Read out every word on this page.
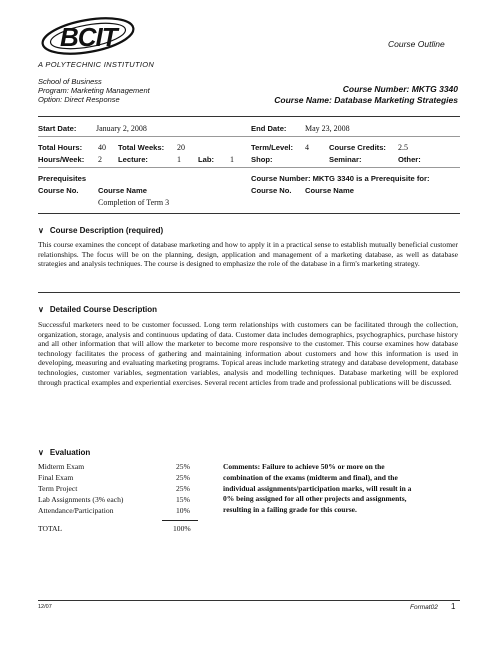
BCIT
A POLYTECHNIC INSTITUTION
Course Outline
School of Business
Program: Marketing Management
Option: Direct Response
Course Number: MKTG 3340
Course Name: Database Marketing Strategies
Start Date: January 2, 2008	End Date: May 23, 2008
Total Hours: 40 Total Weeks: 20	Term/Level: 4	Course Credits: 2.5
Hours/Week: 2 Lecture:	1 Lab: 1 Shop:	Seminar:	Other:
Prerequisites
Course No.	Course Name
Completion of Term 3
Course Number: MKTG 3340 is a Prerequisite for:
Course No. Course Name
∨ Course Description (required)
This course examines the concept of database marketing and how to apply it in a practical sense to establish mutually beneficial customer relationships. The focus will be on the planning, design, application and management of a marketing database, as well as database strategies and analysis techniques. The course is designed to emphasize the role of the database in a firm's marketing strategy.
∨ Detailed Course Description
Successful marketers need to be customer focussed. Long term relationships with customers can be facilitated through the collection, organization, storage, analysis and continuous updating of data. Customer data includes demographics, psychographics, purchase history and all other information that will allow the marketer to become more responsive to the customer. This course examines how database technology facilitates the process of gathering and maintaining information about customers and how this information is used in developing, measuring and evaluating marketing programs. Topical areas include marketing strategy and database development, database technologies, customer variables, segmentation variables, analysis and modelling techniques. Database marketing will be explored through practical examples and experiential exercises. Several recent articles from trade and professional publications will be discussed.
∨ Evaluation
Midterm Exam	25%
Final Exam	25%
Term Project	25%
Lab Assignments (3% each)	15%
Attendance/Participation	10%
TOTAL	100%
Comments: Failure to achieve 50% or more on the
combination of the exams (midterm and final), and the
individual assignments/participation marks, will result in a
0% being assigned for all other projects and assignments,
resulting in a failing grade for this course.
12/07	Format02 1
